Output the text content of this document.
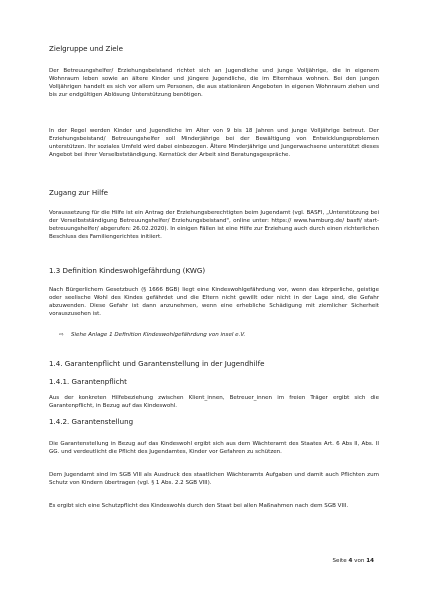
Zielgruppe und Ziele

Der Betreuungshelfer/ Erziehungsbeistand richtet sich an Jugendliche und junge Volljährige, die in eigenem Wohnraum leben sowie an ältere Kinder und jüngere Jugendliche, die im Elternhaus wohnen. Bei den jungen Volljährigen handelt es sich vor allem um Personen, die aus stationären Angeboten in eigenen Wohnraum ziehen und bis zur endgültigen Ablösung Unterstützung benötigen.

In der Regel werden Kinder und Jugendliche im Alter von 9 bis 18 Jahren und junge Volljährige betreut. Der Erziehungsbeistand/ Betreuungshelfer soll Minderjährige bei der Bewältigung von Entwicklungsproblemen unterstützen. Ihr soziales Umfeld wird dabei einbezogen. Ältere Minderjährige und Jungerwachsene unterstützt dieses Angebot bei ihrer Verselbstständigung. Kernstück der Arbeit sind Beratungsgespräche.

Zugang zur Hilfe

Voraussetzung für die Hilfe ist ein Antrag der Erziehungsberechtigten beim Jugendamt (vgl. BASFI, „Unterstützung bei der Verselbstständigung Betreuungshelfer/ Erziehungsbeistand", online unter: https:// www.hamburg.de/ basfi/ start-betreuungshelfer/ abgerufen: 26.02.2020). In einigen Fällen ist eine Hilfe zur Erziehung auch durch einen richterlichen Beschluss des Familiengerichtes initiiert.

1.3 Definition Kindeswohlgefährdung (KWG)

Nach Bürgerlichem Gesetzbuch (§ 1666 BGB) liegt eine Kindeswohlgefährdung vor, wenn das körperliche, geistige oder seelische Wohl des Kindes gefährdet und die Eltern nicht gewillt oder nicht in der Lage sind, die Gefahr abzuwenden. Diese Gefahr ist dann anzunehmen, wenn eine erhebliche Schädigung mit ziemlicher Sicherheit vorauszusehen ist.

⇨ Siehe Anlage 1 Definition Kindeswohlgefährdung von insel e.V.
1.4. Garantenpflicht und Garantenstellung in der Jugendhilfe
1.4.1. Garantenpflicht

Aus der konkreten Hilfebeziehung zwischen Klient_innen, Betreuer_innen im freien Träger ergibt sich die Garantenpflicht, in Bezug auf das Kindeswohl.

1.4.2. Garantenstellung

Die Garantenstellung in Bezug auf das Kindeswohl ergibt sich aus dem Wächteramt des Staates Art. 6 Abs II, Abs. II GG. und verdeutlicht die Pflicht des Jugendamtes, Kinder vor Gefahren zu schützen.

Dem Jugendamt sind im SGB VIII als Ausdruck des staatlichen Wächteramts Aufgaben und damit auch Pflichten zum Schutz von Kindern übertragen (vgl. § 1 Abs. 2.2 SGB VIII).

Es ergibt sich eine Schutzpflicht des Kindeswohls durch den Staat bei allen Maßnahmen nach dem SGB VIII.

Seite 4 von 14
